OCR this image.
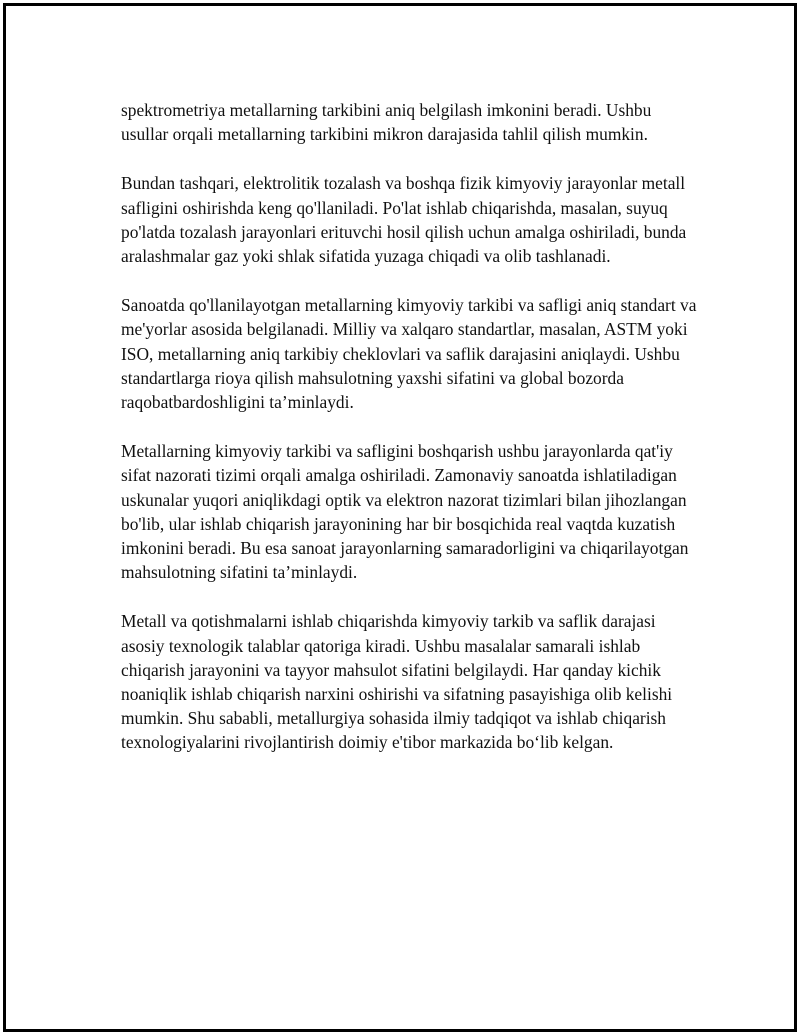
spektrometriya metallarning tarkibini aniq belgilash imkonini beradi. Ushbu usullar orqali metallarning tarkibini mikron darajasida tahlil qilish mumkin.

Bundan tashqari, elektrolitik tozalash va boshqa fizik kimyoviy jarayonlar metall safligini oshirishda keng qo'llaniladi. Po'lat ishlab chiqarishda, masalan, suyuq po'latda tozalash jarayonlari erituvchi hosil qilish uchun amalga oshiriladi, bunda aralashmalar gaz yoki shlak sifatida yuzaga chiqadi va olib tashlanadi.

Sanoatda qo'llanilayotgan metallarning kimyoviy tarkibi va safligi aniq standart va me'yorlar asosida belgilanadi. Milliy va xalqaro standartlar, masalan, ASTM yoki ISO, metallarning aniq tarkibiy cheklovlari va saflik darajasini aniqlaydi. Ushbu standartlarga rioya qilish mahsulotning yaxshi sifatini va global bozorda raqobatbardoshligini ta’minlaydi.

Metallarning kimyoviy tarkibi va safligini boshqarish ushbu jarayonlarda qat'iy sifat nazorati tizimi orqali amalga oshiriladi. Zamonaviy sanoatda ishlatiladigan uskunalar yuqori aniqlikdagi optik va elektron nazorat tizimlari bilan jihozlangan bo'lib, ular ishlab chiqarish jarayonining har bir bosqichida real vaqtda kuzatish imkonini beradi. Bu esa sanoat jarayonlarning samaradorligini va chiqarilayotgan mahsulotning sifatini ta’minlaydi.

Metall va qotishmalarni ishlab chiqarishda kimyoviy tarkib va saflik darajasi asosiy texnologik talablar qatoriga kiradi. Ushbu masalalar samarali ishlab chiqarish jarayonini va tayyor mahsulot sifatini belgilaydi. Har qanday kichik noaniqlik ishlab chiqarish narxini oshirishi va sifatning pasayishiga olib kelishi mumkin. Shu sababli, metallurgiya sohasida ilmiy tadqiqot va ishlab chiqarish texnologiyalarini rivojlantirish doimiy e'tibor markazida bo‘lib kelgan.
